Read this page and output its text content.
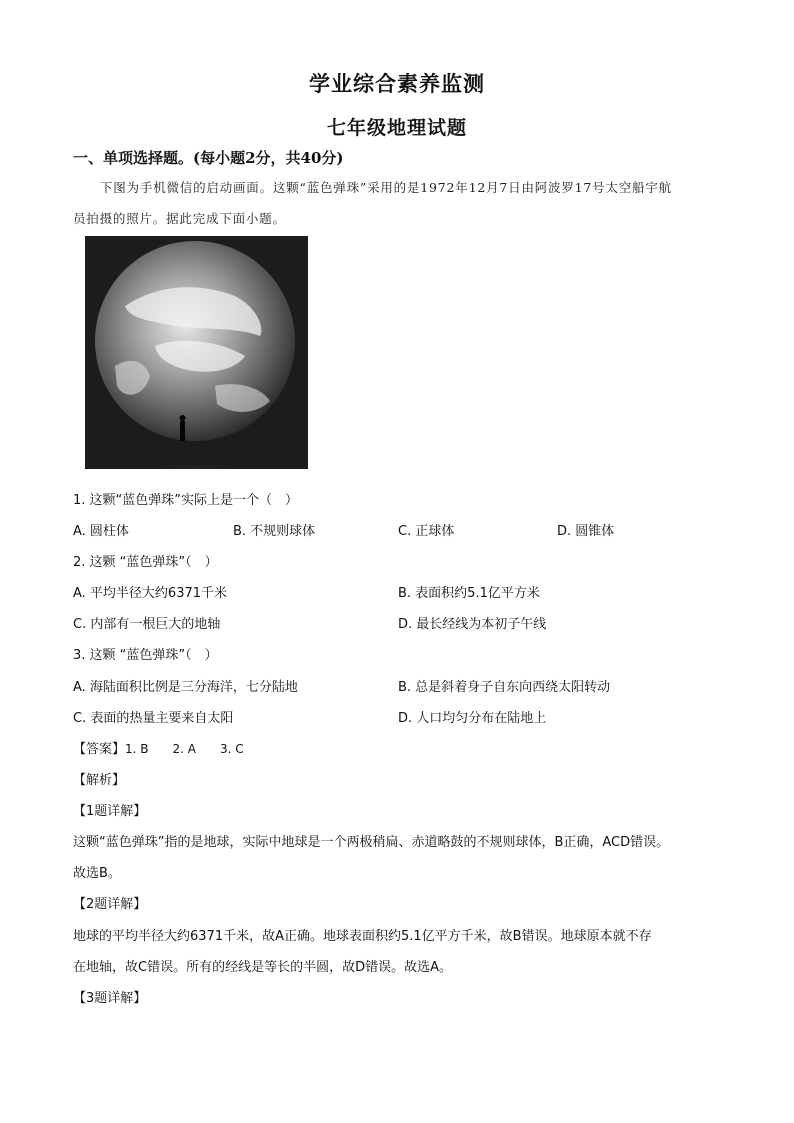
学业综合素养监测
七年级地理试题
一、单项选择题。(每小题2分，共40分)
下图为手机微信的启动画面。这颗“蓝色弹珠”采用的是1972年12月7日由阿波罗17号太空船宇航
员拍摄的照片。据此完成下面小题。
1. 这颗“蓝色弹珠”实际上是一个（　）
A. 圆柱体	B. 不规则球体	C. 正球体	D. 圆锥体
2. 这颗 “蓝色弹珠”（　）
A. 平均半径大约6371千米	B. 表面积约5.1亿平方米
C. 内部有一根巨大的地轴	D. 最长经线为本初子午线
3. 这颗 “蓝色弹珠”（　）
A. 海陆面积比例是三分海洋，七分陆地	B. 总是斜着身子自东向西绕太阳转动
C. 表面的热量主要来自太阳	D. 人口均匀分布在陆地上
【答案】1. B　　2. A　　3. C
【解析】
【1题详解】
这颗“蓝色弹珠”指的是地球，实际中地球是一个两极稍扁、赤道略鼓的不规则球体，B正确，ACD错误。
故选B。
【2题详解】
地球的平均半径大约6371千米，故A正确。地球表面积约5.1亿平方千米，故B错误。地球原本就不存
在地轴，故C错误。所有的经线是等长的半圆，故D错误。故选A。
【3题详解】
